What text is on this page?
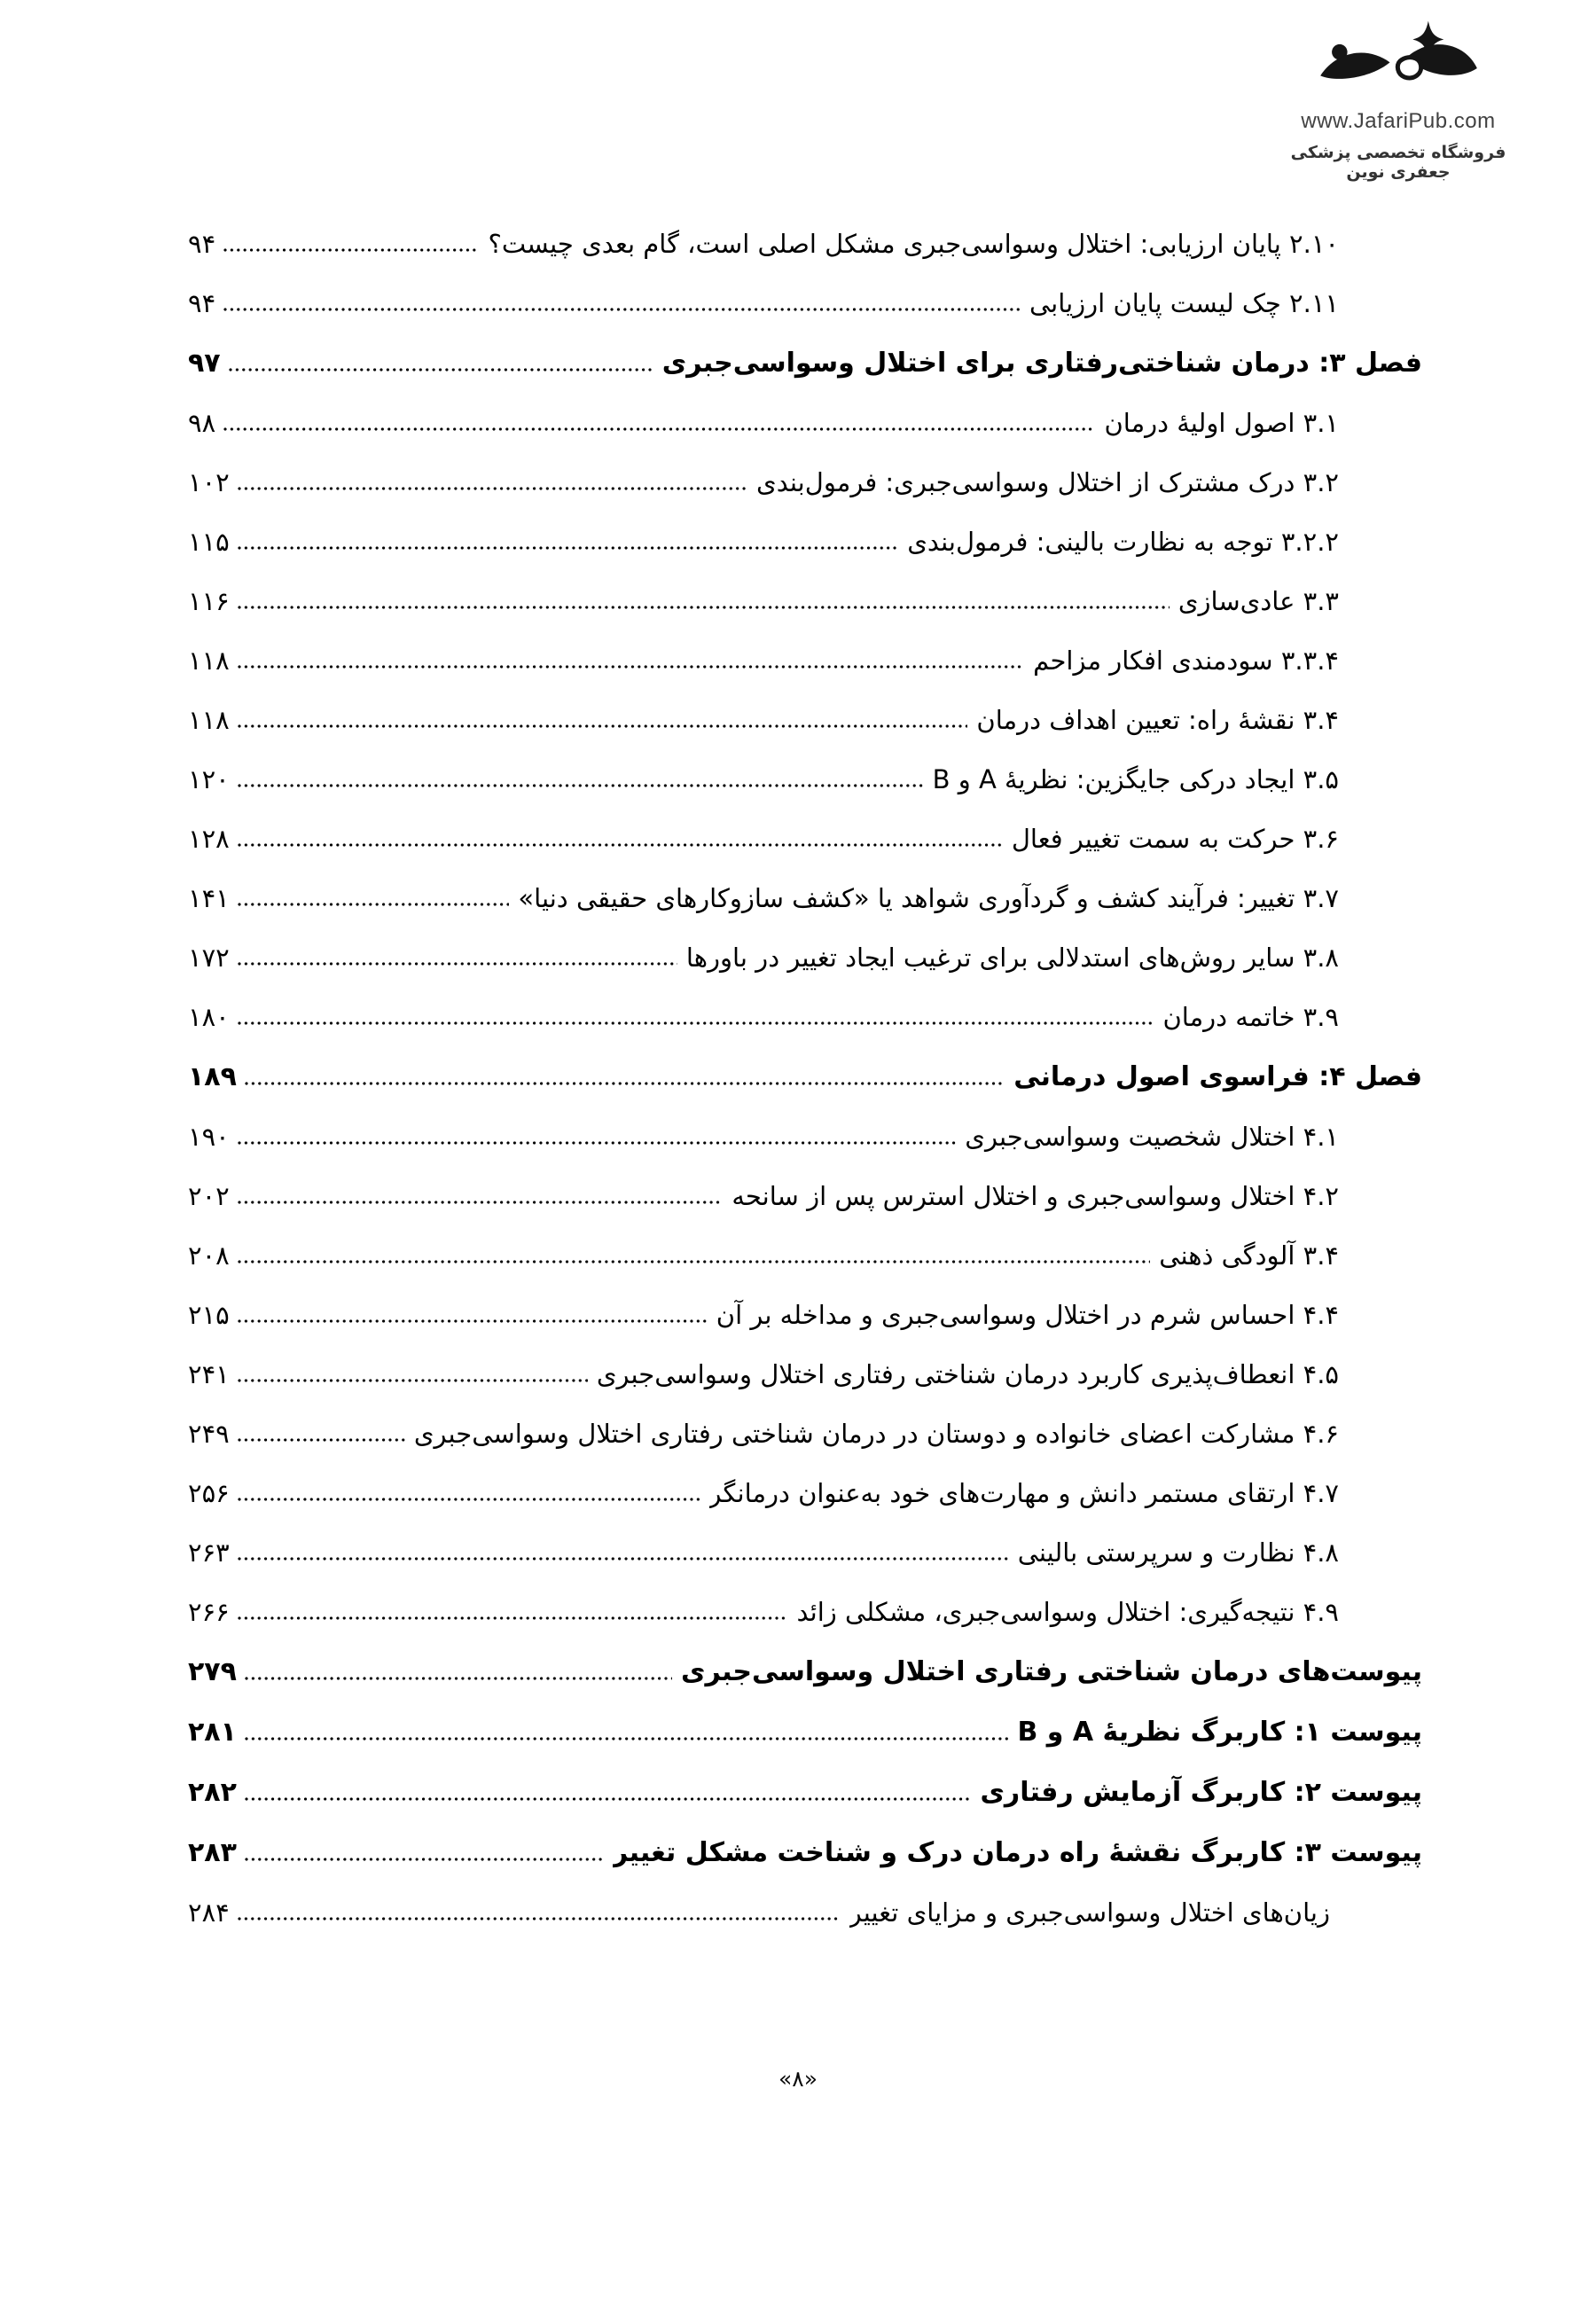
www.JafariPub.com
فروشگاه تخصصی پزشکی جعفری نوین
۲.۱۰ پایان ارزیابی: اختلال وسواسی‌جبری مشکل اصلی است، گام بعدی چیست؟
۹۴
۲.۱۱ چک لیست پایان ارزیابی
۹۴
فصل ۳: درمان شناختی‌رفتاری برای اختلال وسواسی‌جبری
۹۷
۳.۱ اصول اولیۀ درمان
۹۸
۳.۲ درک مشترک از اختلال وسواسی‌جبری: فرمول‌بندی
۱۰۲
۳.۲.۲ توجه به نظارت بالینی: فرمول‌بندی
۱۱۵
۳.۳ عادی‌سازی
۱۱۶
۳.۳.۴ سودمندی افکار مزاحم
۱۱۸
۳.۴ نقشۀ راه: تعیین اهداف درمان
۱۱۸
۳.۵ ایجاد درکی جایگزین: نظریۀ A و B
۱۲۰
۳.۶ حرکت به سمت تغییر فعال
۱۲۸
۳.۷ تغییر: فرآیند کشف و گردآوری شواهد یا «کشف سازوکارهای حقیقی دنیا»
۱۴۱
۳.۸ سایر روش‌های استدلالی برای ترغیب ایجاد تغییر در باورها
۱۷۲
۳.۹ خاتمه درمان
۱۸۰
فصل ۴: فراسوی اصول درمانی
۱۸۹
۴.۱ اختلال شخصیت وسواسی‌جبری
۱۹۰
۴.۲ اختلال وسواسی‌جبری و اختلال استرس پس از سانحه
۲۰۲
۳.۴ آلودگی ذهنی
۲۰۸
۴.۴ احساس شرم در اختلال وسواسی‌جبری و مداخله بر آن
۲۱۵
۴.۵ انعطاف‌پذیری کاربرد درمان شناختی رفتاری اختلال وسواسی‌جبری
۲۴۱
۴.۶ مشارکت اعضای خانواده و دوستان در درمان شناختی رفتاری اختلال وسواسی‌جبری
۲۴۹
۴.۷ ارتقای مستمر دانش و مهارت‌های خود به‌عنوان درمانگر
۲۵۶
۴.۸ نظارت و سرپرستی بالینی
۲۶۳
۴.۹ نتیجه‌گیری: اختلال وسواسی‌جبری، مشکلی زائد
۲۶۶
پیوست‌های درمان شناختی رفتاری اختلال وسواسی‌جبری
۲۷۹
پیوست ۱: کاربرگ نظریۀ A و B
۲۸۱
پیوست ۲: کاربرگ آزمایش رفتاری
۲۸۲
پیوست ۳: کاربرگ نقشۀ راه درمان درک و شناخت مشکل تغییر
۲۸۳
زیان‌های اختلال وسواسی‌جبری و مزایای تغییر
۲۸۴
«۸»
